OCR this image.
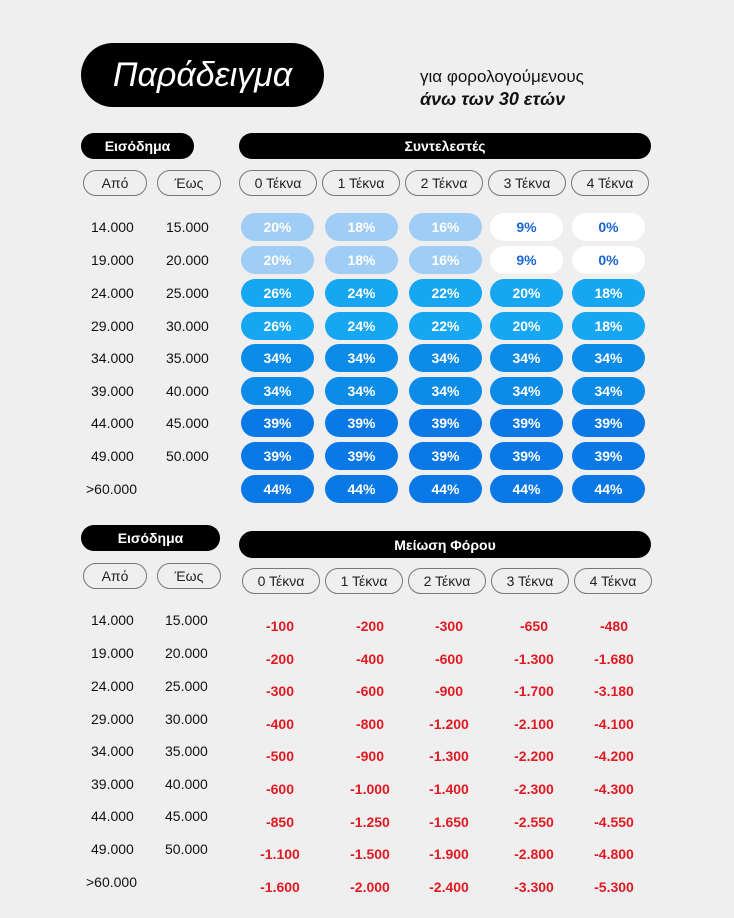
Παράδειγμα	για φορολογούμενους
άνω των 30 ετών
Εισόδημα	Συντελεστές
Από	Έως	0 Τέκνα	1 Τέκνα	2 Τέκνα	3 Τέκνα	4 Τέκνα
14.000 15.000	20%	18%	16%	9%	0%
19.000 20.000	20%	18%	16%	9%	0%
24.000 25.000	26%	24%	22%	20%	18%
29.000 30.000	26%	24%	22%	20%	18%
34.000 35.000	34%	34%	34%	34%	34%
39.000 40.000	34%	34%	34%	34%	34%
44.000 45.000	39%	39%	39%	39%	39%
49.000 50.000	39%	39%	39%	39%	39%
>60.000	44%	44%	44%	44%	44%
Εισόδημα	Μείωση Φόρου
Από	Έως	0 Τέκνα	1 Τέκνα	2 Τέκνα	3 Τέκνα	4 Τέκνα
14.000 15.000	-100	-200	-300	-650	-480
19.000 20.000	-200	-400	-600	-1.300	-1.680
24.000 25.000	-300	-600	-900	-1.700	-3.180
29.000 30.000	-400	-800	-1.200	-2.100	-4.100
34.000 35.000	-500	-900	-1.300	-2.200	-4.200
39.000 40.000	-600	-1.000	-1.400	-2.300	-4.300
44.000 45.000	-850	-1.250	-1.650	-2.550	-4.550
49.000 50.000	-1.100	-1.500	-1.900	-2.800	-4.800
>60.000	-1.600	-2.000	-2.400	-3.300	-5.300
